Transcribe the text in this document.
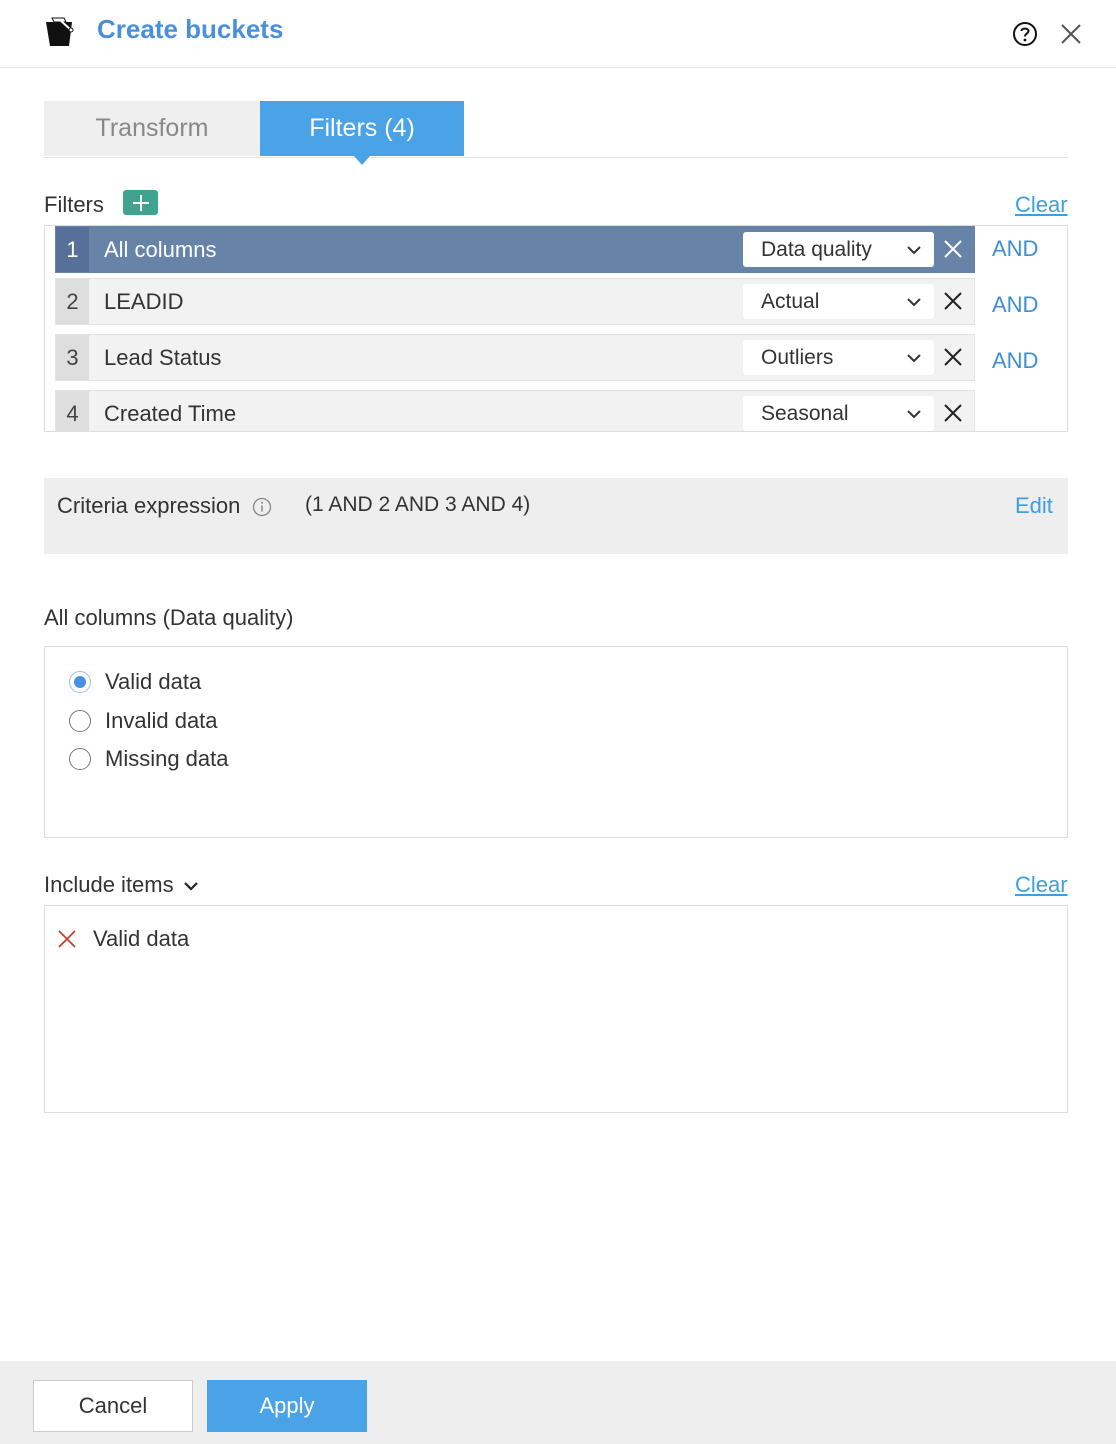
Create buckets
Transform	Filters (4)
Filters	Clear
1	All columns	Data quality	AND
2	LEADID	Actual	AND
3	Lead Status	Outliers	AND
4	Created Time	Seasonal
Criteria expression	(1 AND 2 AND 3 AND 4)	Edit
All columns (Data quality)
Valid data
Invalid data
Missing data
Include items	Clear
Valid data
Cancel	Apply
